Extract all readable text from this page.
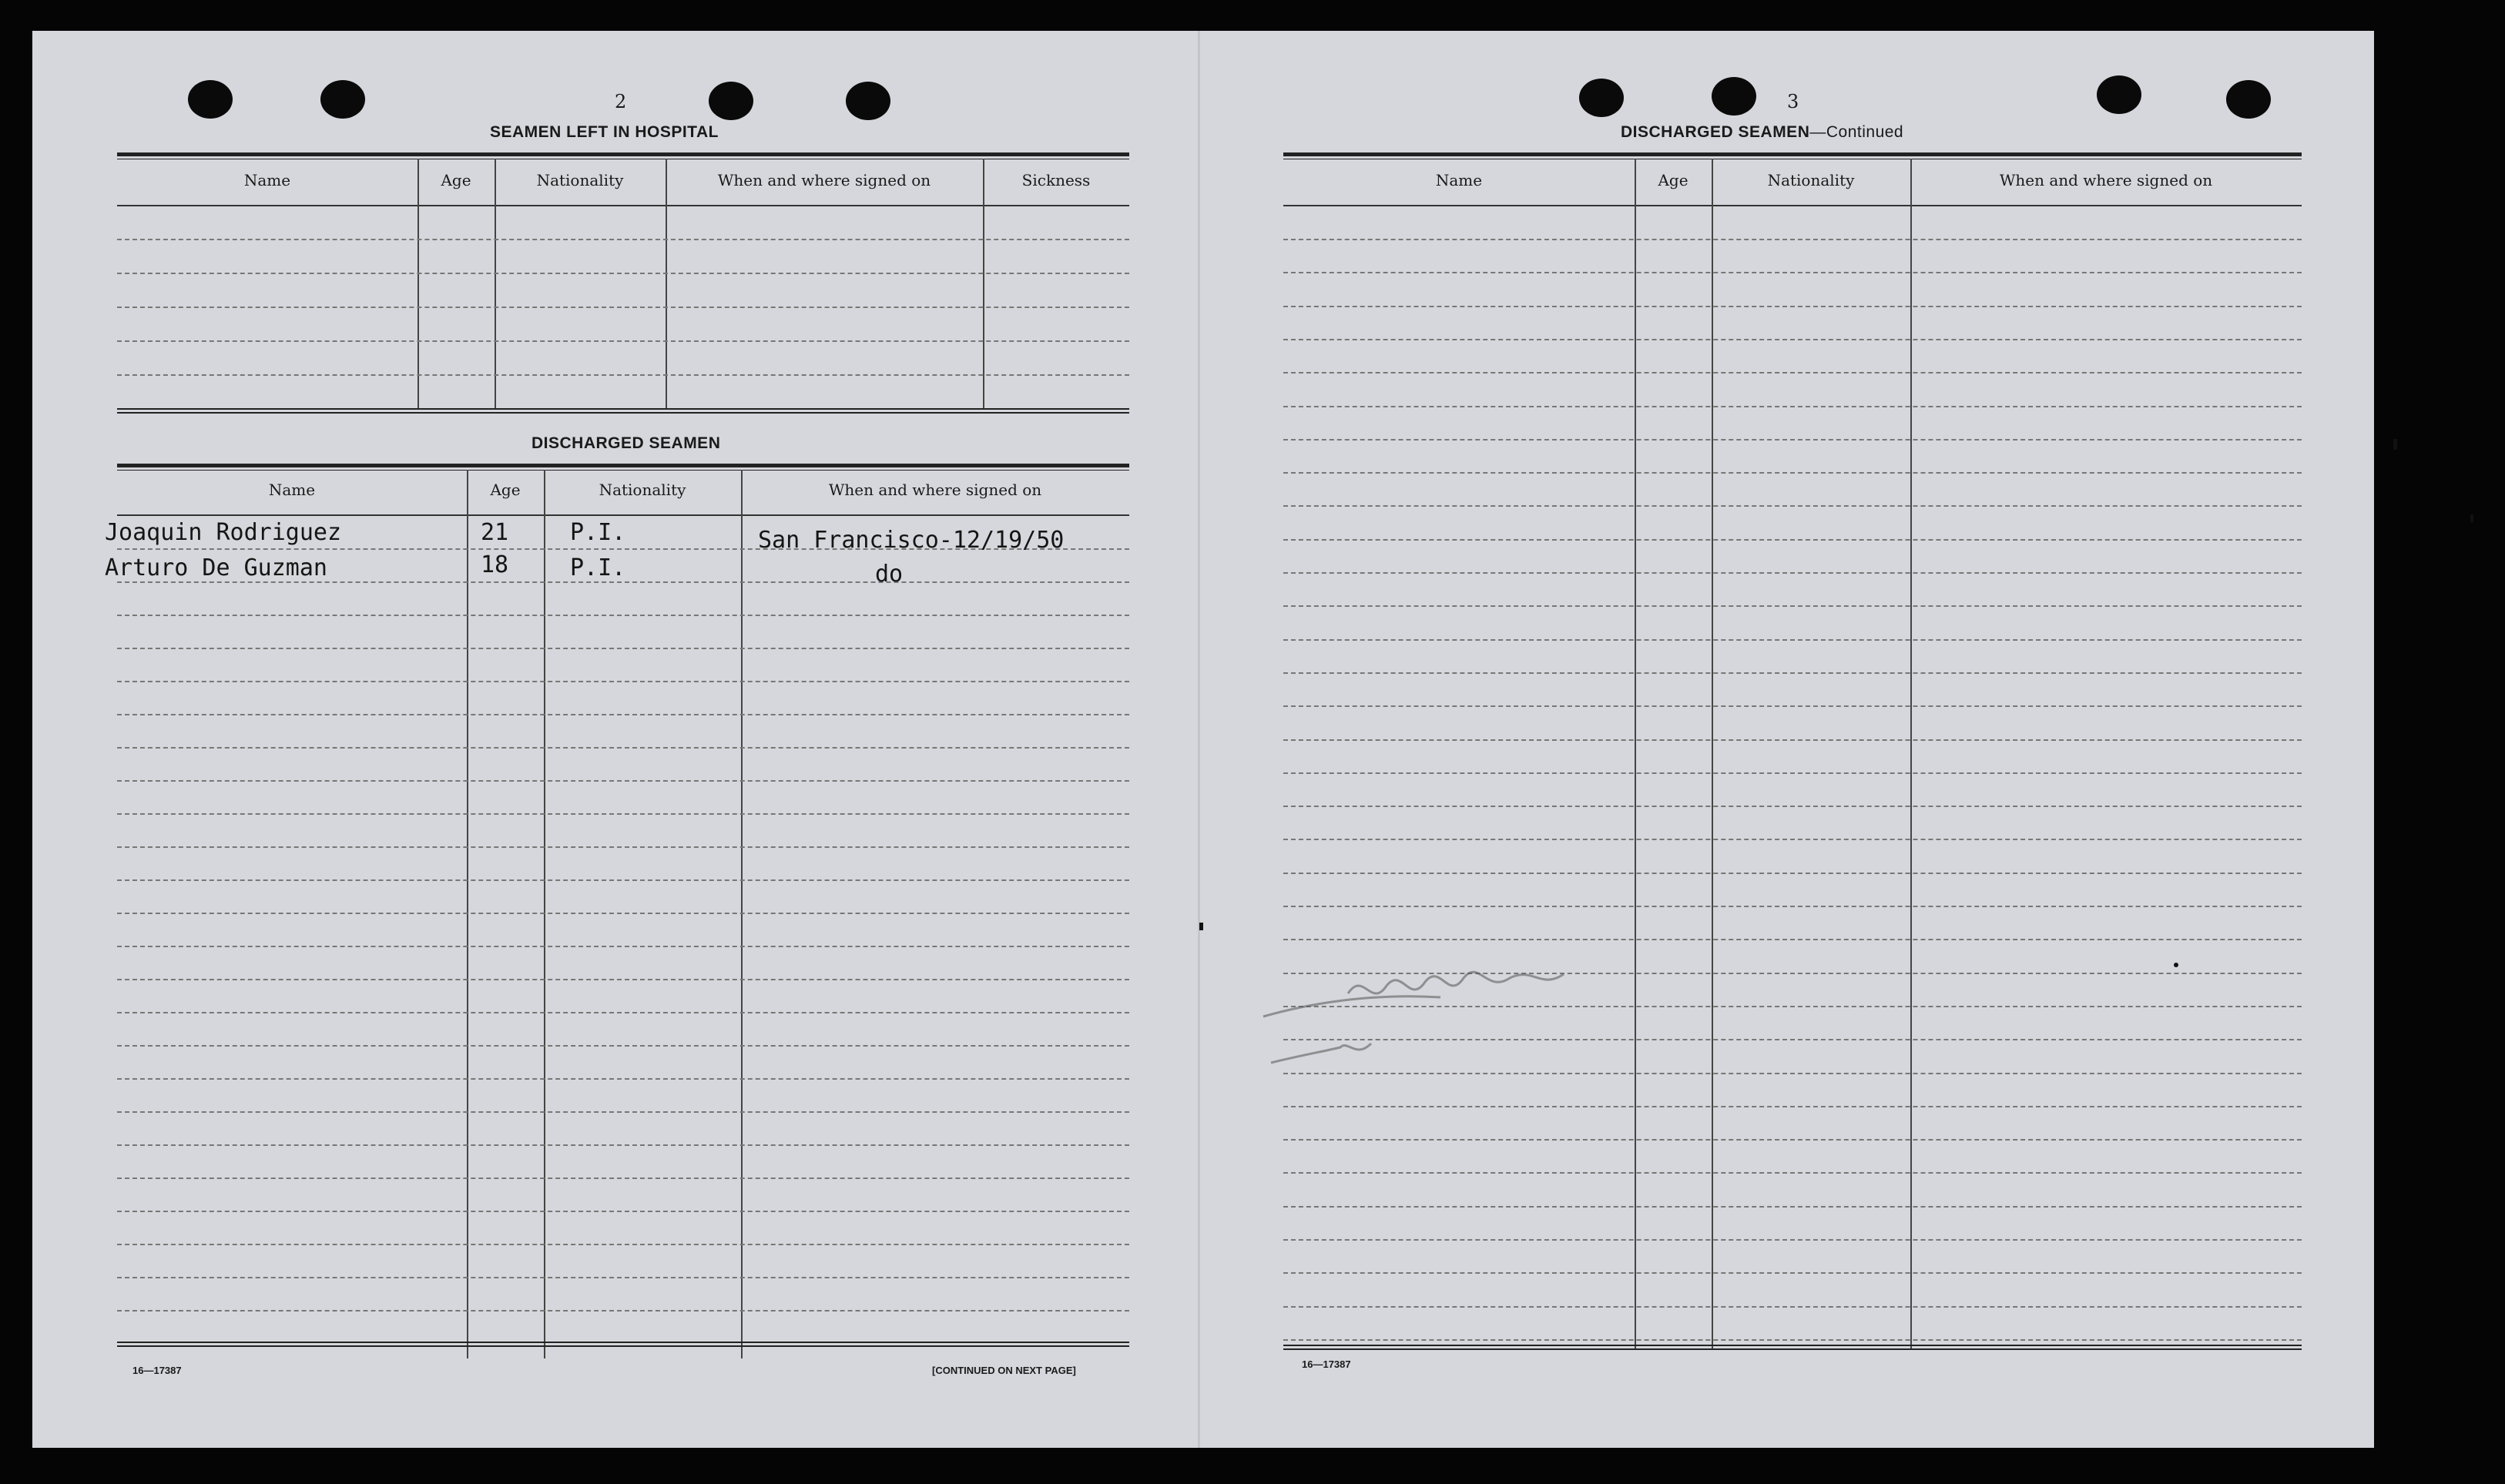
2
SEAMEN LEFT IN HOSPITAL
Name	Age	Nationality	When and where signed on	Sickness
DISCHARGED SEAMEN
Name	Age	Nationality	When and where signed on
Joaquin Rodriguez	21	P.I.	San Francisco-12/19/50
Arturo De Guzman	18	P.I.	do
16—17387	[CONTINUED ON NEXT PAGE]
3
DISCHARGED SEAMEN—Continued
Name	Age	Nationality	When and where signed on
16—17387
